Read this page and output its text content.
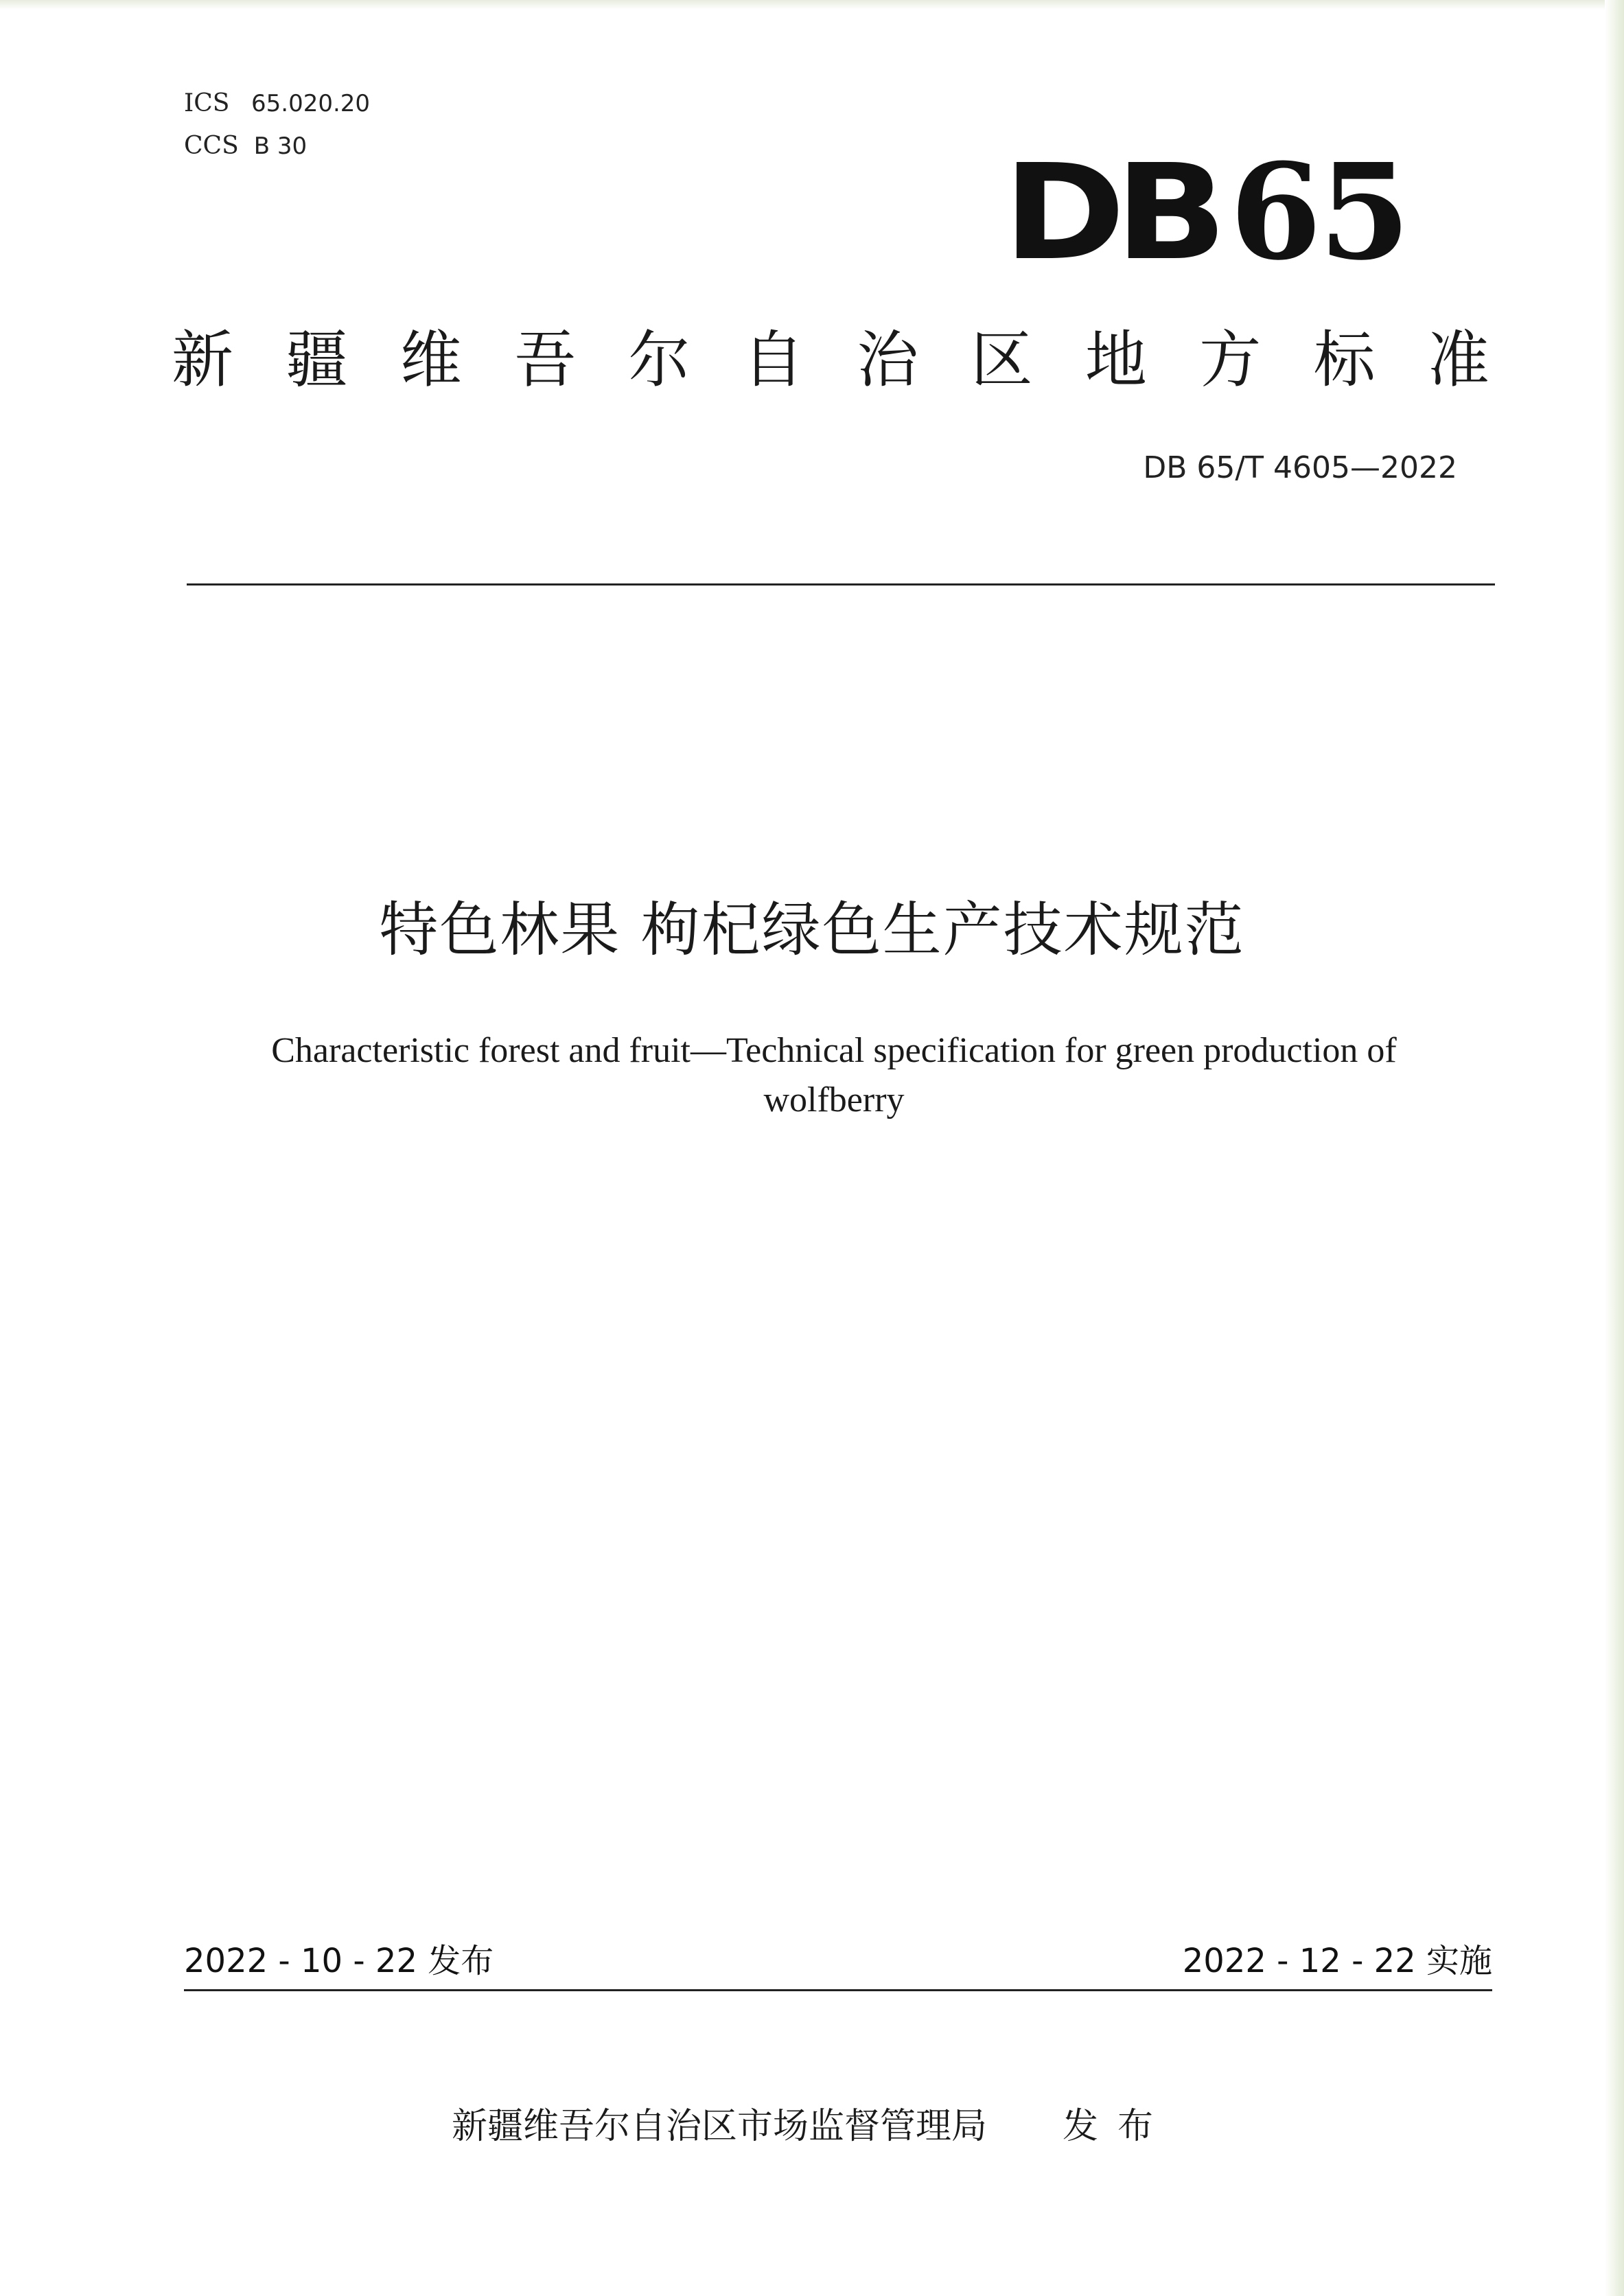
ICS 65.020.20
CCS B 30	DB 65
新 疆 维 吾 尔 自 治 区 地 方 标 准
DB 65/T 4605—2022
特色林果 枸杞绿色生产技术规范
Characteristic forest and fruit—Technical specification for green production of wolfberry
2022 - 10 - 22 发布	2022 - 12 - 22 实施
新疆维吾尔自治区市场监督管理局 发布
